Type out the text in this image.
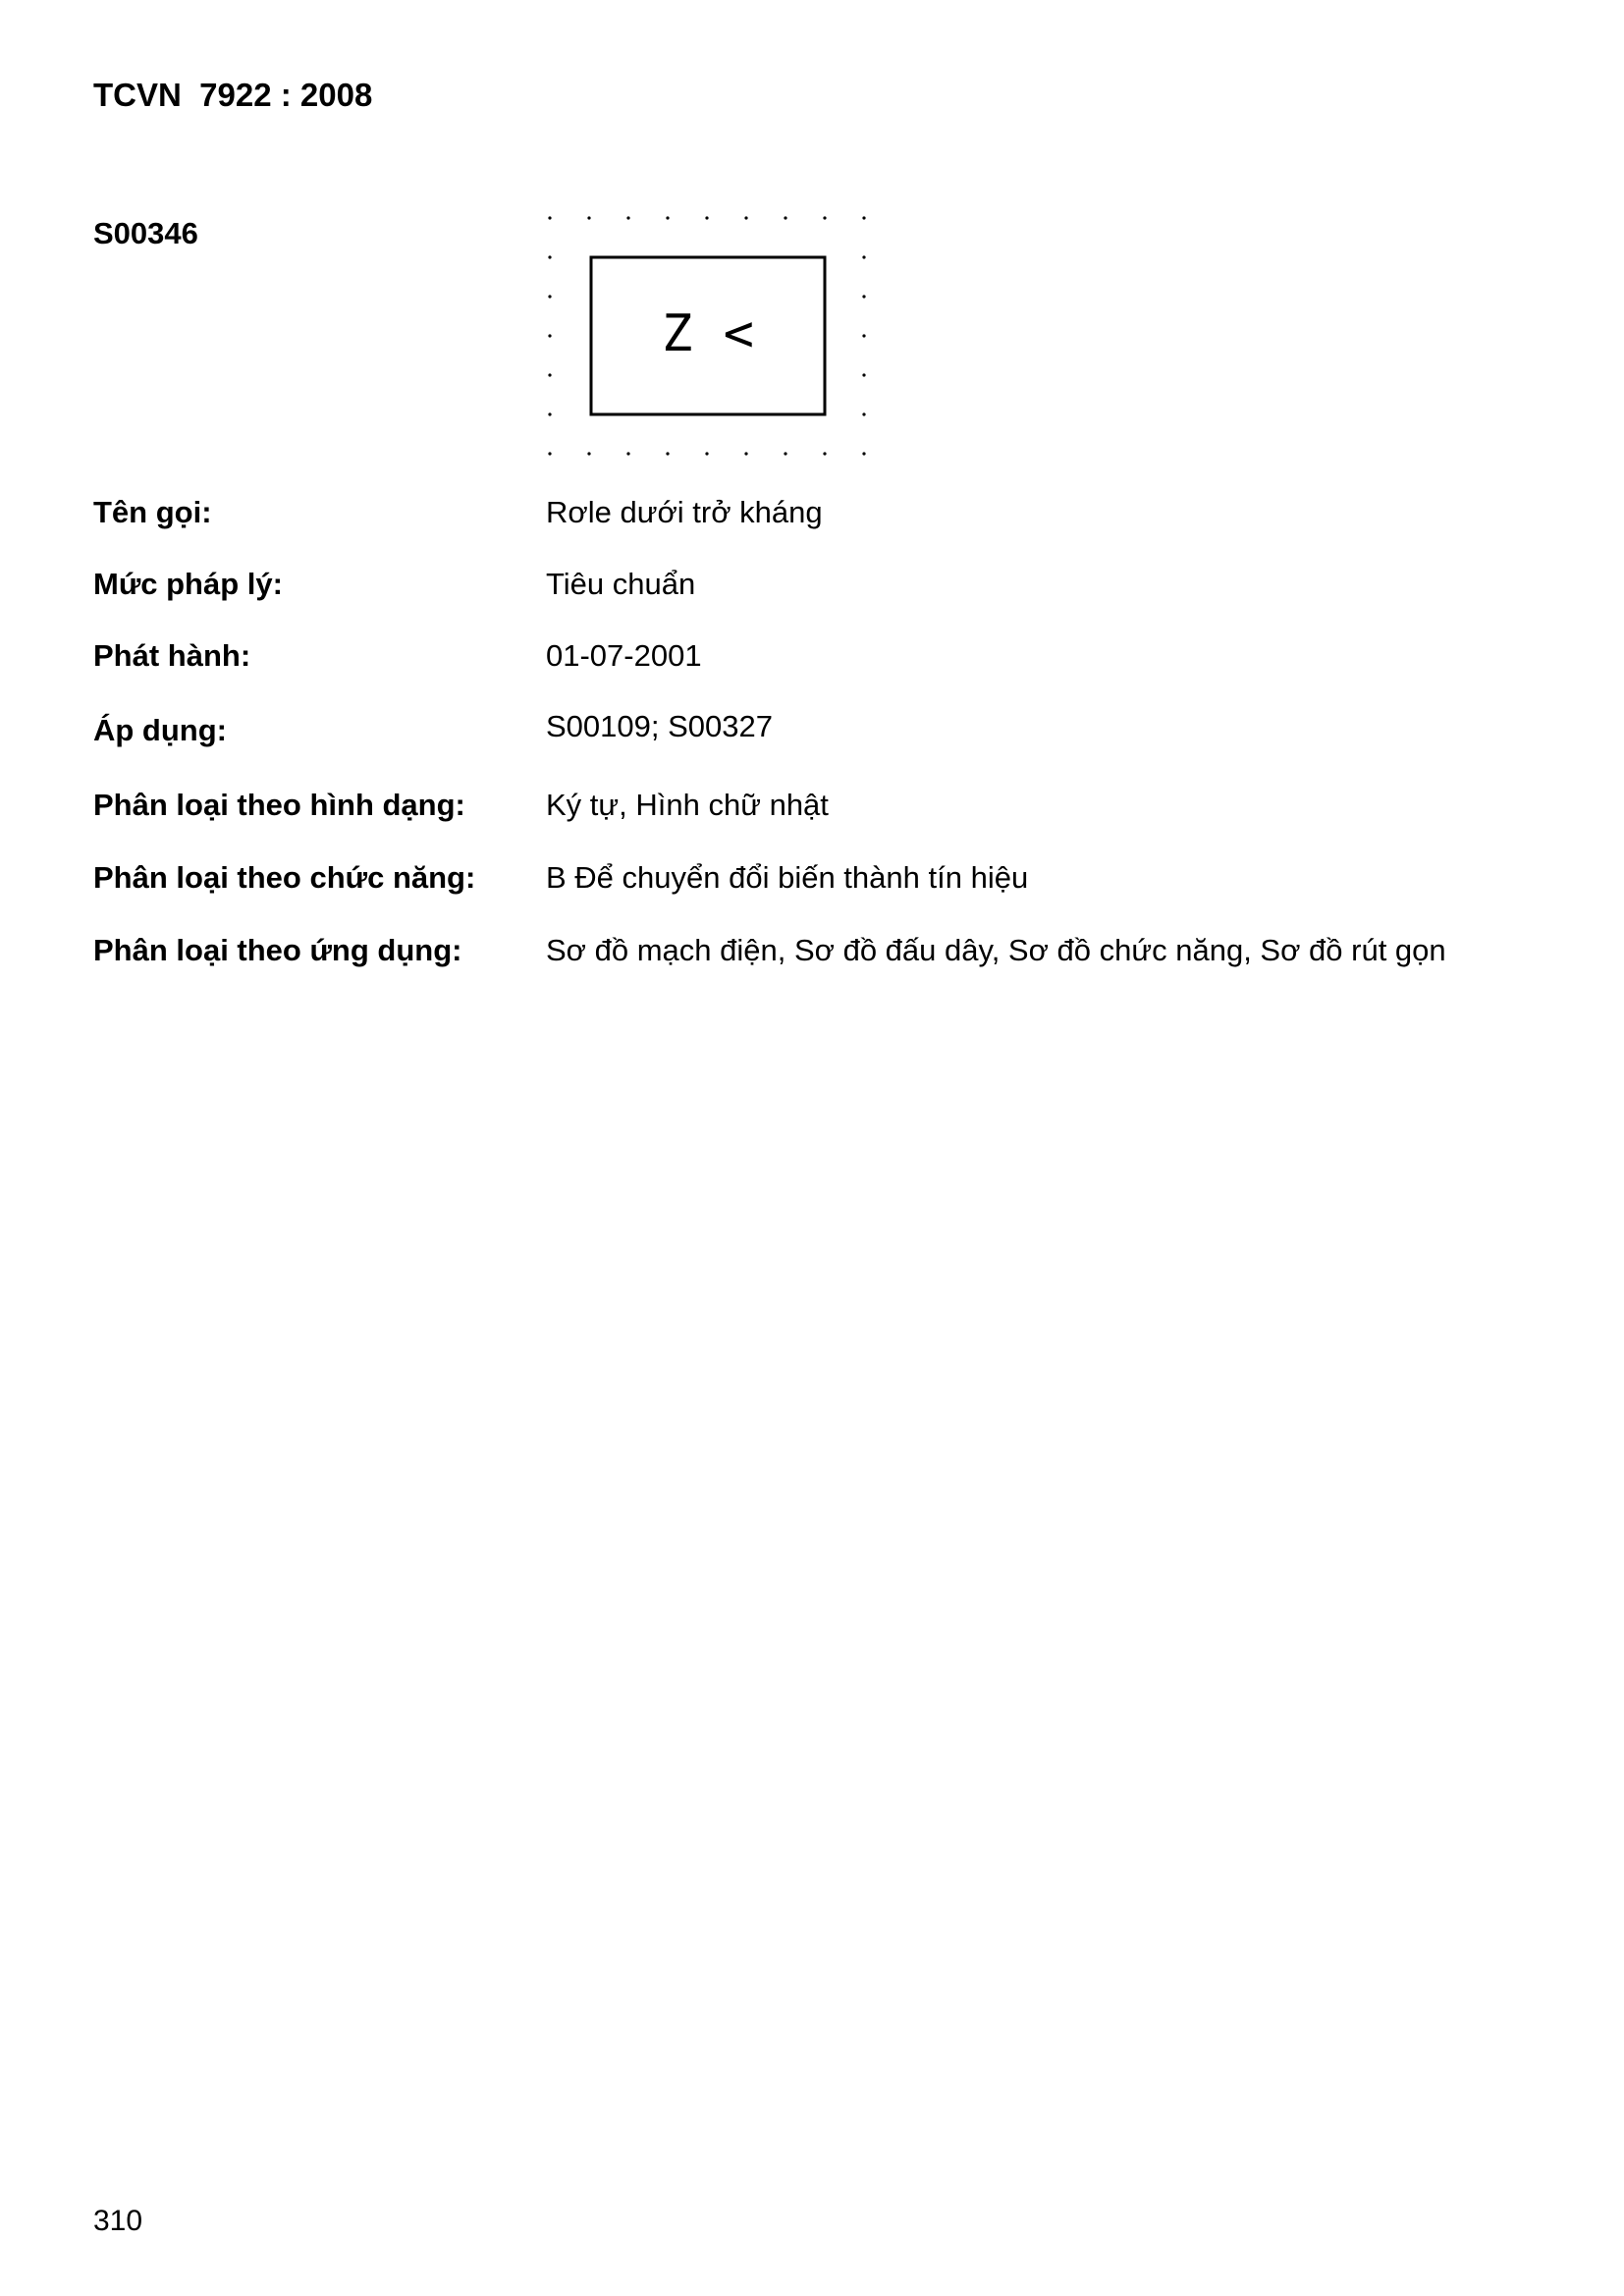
TCVN  7922 : 2008
S00346
Z <
Tên gọi:	Rơle dưới trở kháng
Mức pháp lý:	Tiêu chuẩn
Phát hành:	01-07-2001
Áp dụng:	S00109; S00327
Phân loại theo hình dạng:	Ký tự, Hình chữ nhật
Phân loại theo chức năng: B Để chuyển đổi biến thành tín hiệu
Phân loại theo ứng dụng:	Sơ đồ mạch điện, Sơ đồ đấu dây, Sơ đồ chức năng, Sơ đồ rút gọn
310
